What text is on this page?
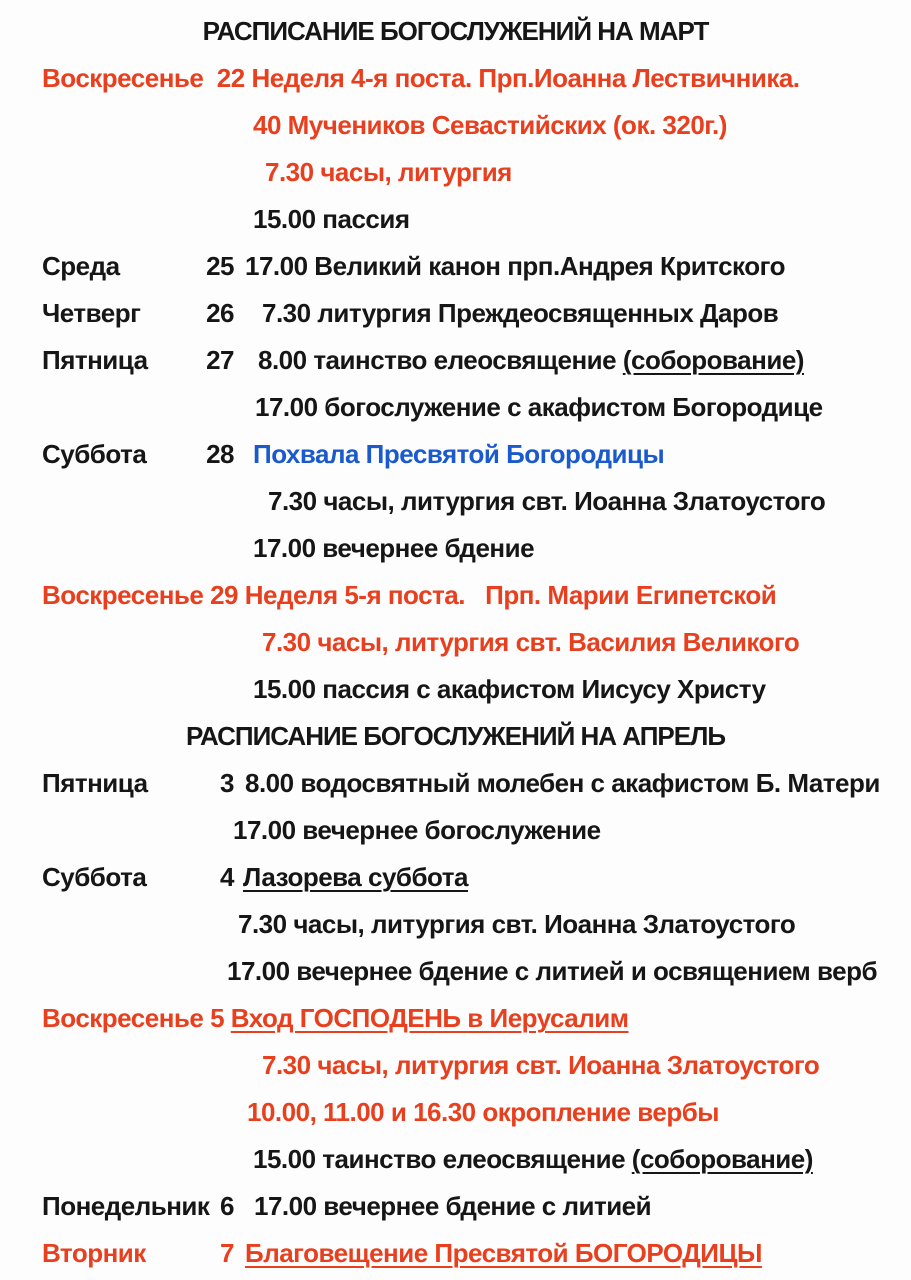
РАСПИСАНИЕ БОГОСЛУЖЕНИЙ НА МАРТ
Воскресенье  22 Неделя 4-я поста. Прп.Иоанна Лествичника.
40 Мучеников Севастийских (ок. 320г.)
7.30 часы, литургия
15.00 пассия
Среда	25 17.00 Великий канон прп.Андрея Критского
Четверг	26 7.30 литургия Преждеосвященных Даров
Пятница	27 8.00 таинство елеосвящение (соборование)
17.00 богослужение с акафистом Богородице
Суббота	28 Похвала Пресвятой Богородицы
7.30 часы, литургия свт. Иоанна Златоустого
17.00 вечернее бдение
Воскресенье 29 Неделя 5-я поста.   Прп. Марии Египетской
7.30 часы, литургия свт. Василия Великого
15.00 пассия с акафистом Иисусу Христу
РАСПИСАНИЕ БОГОСЛУЖЕНИЙ НА АПРЕЛЬ
Пятница	3 8.00 водосвятный молебен с акафистом Б. Матери
17.00 вечернее богослужение
Суббота	4 Лазорева суббота
7.30 часы, литургия свт. Иоанна Златоустого
17.00 вечернее бдение с литией и освящением верб
Воскресенье 5 Вход ГОСПОДЕНЬ в Иерусалим
7.30 часы, литургия свт. Иоанна Златоустого
10.00, 11.00 и 16.30 окропление вербы
15.00 таинство елеосвящение (соборование)
Понедельник 6 17.00 вечернее бдение с литией
Вторник	7 Благовещение Пресвятой БОГОРОДИЦЫ
